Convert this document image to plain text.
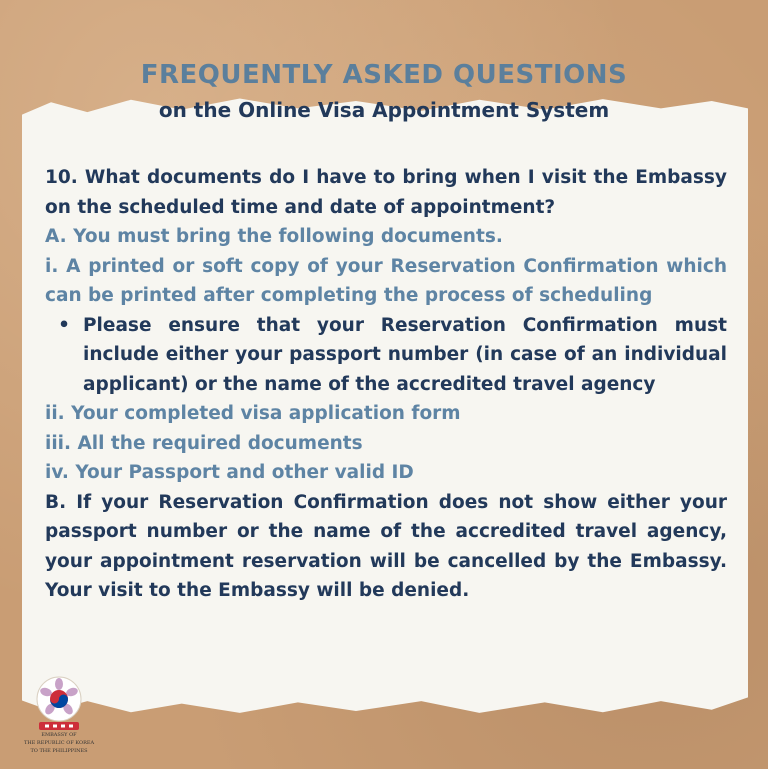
FREQUENTLY ASKED QUESTIONS
on the Online Visa Appointment System

10. What documents do I have to bring when I visit the Embassy on the scheduled time and date of appointment?

A. You must bring the following documents.

i. A printed or soft copy of your Reservation Confirmation which can be printed after completing the process of scheduling

• Please ensure that your Reservation Confirmation must include either your passport number (in case of an individual applicant) or the name of the accredited travel agency

ii. Your completed visa application form

iii. All the required documents

iv. Your Passport and other valid ID

B. If your Reservation Confirmation does not show either your passport number or the name of the accredited travel agency, your appointment reservation will be cancelled by the Embassy. Your visit to the Embassy will be denied.

EMBASSY OF
THE REPUBLIC OF KOREA
TO THE PHILIPPINES
